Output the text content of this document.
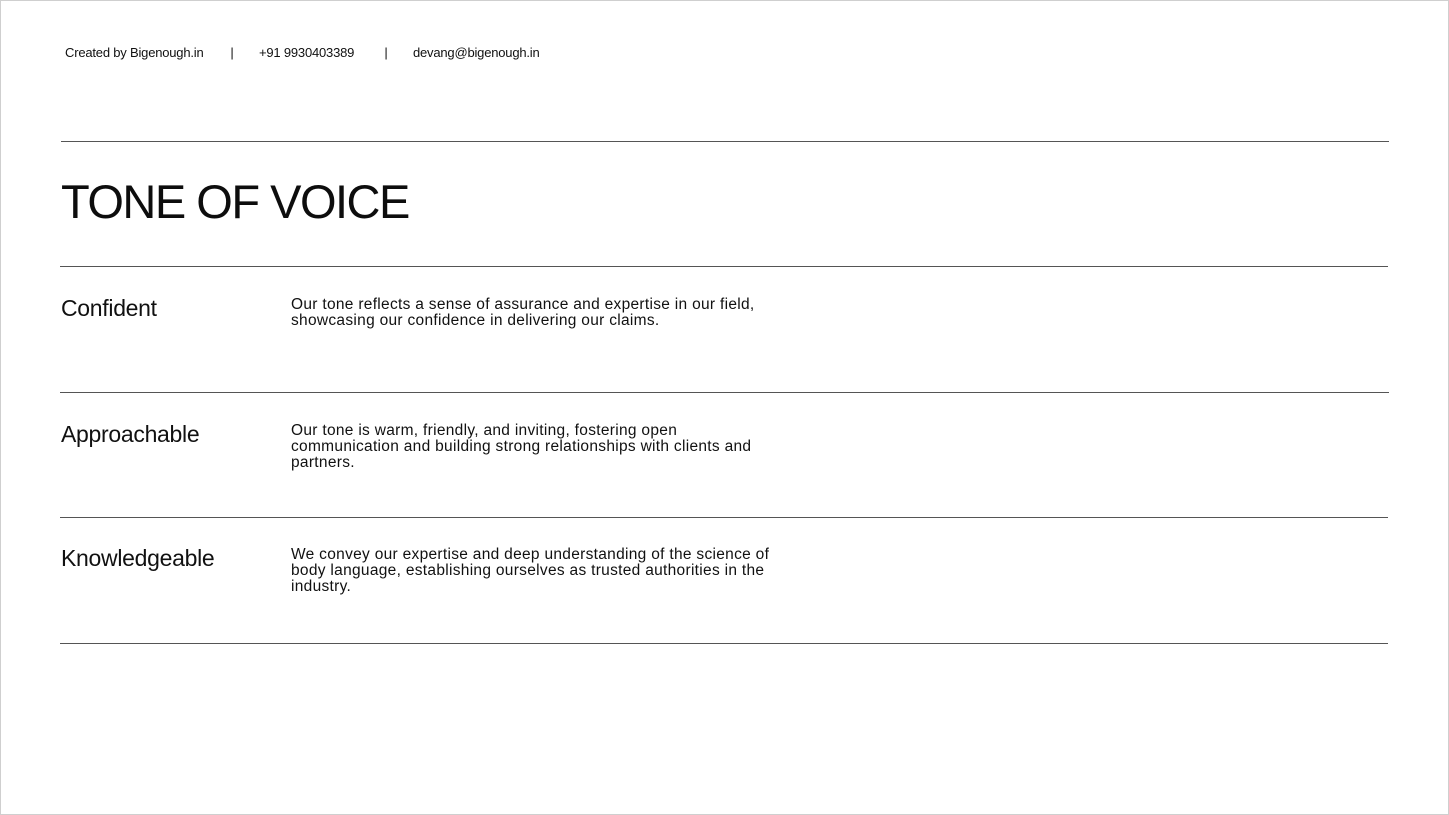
Created by Bigenough.in	|	+91 9930403389	|	devang@bigenough.in
TONE OF VOICE
Confident	Our tone reflects a sense of assurance and expertise in our field, showcasing our confidence in delivering our claims.
Approachable	Our tone is warm, friendly, and inviting, fostering open communication and building strong relationships with clients and partners.
Knowledgeable	We convey our expertise and deep understanding of the science of body language, establishing ourselves as trusted authorities in the industry.
